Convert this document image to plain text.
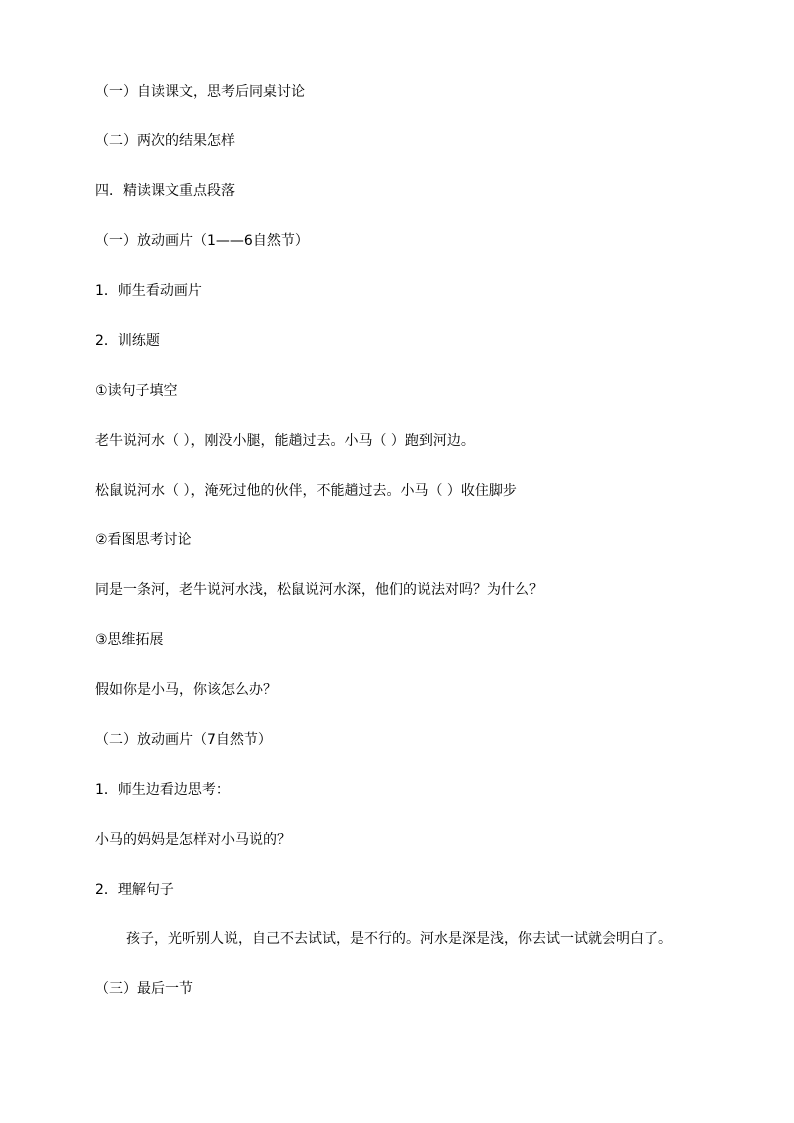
（一）自读课文，思考后同桌讨论
（二）两次的结果怎样
四．精读课文重点段落
（一）放动画片（1——6自然节）
1．师生看动画片
2．训练题
①读句子填空
老牛说河水（ ），刚没小腿，能趟过去。小马（ ）跑到河边。
松鼠说河水（ ），淹死过他的伙伴，不能趟过去。小马（ ）收住脚步
②看图思考讨论
同是一条河，老牛说河水浅，松鼠说河水深，他们的说法对吗？为什么？
③思维拓展
假如你是小马，你该怎么办？
（二）放动画片（7自然节）
1．师生边看边思考：
小马的妈妈是怎样对小马说的？
2．理解句子
孩子，光听别人说，自己不去试试，是不行的。河水是深是浅，你去试一试就会明白了。
（三）最后一节
